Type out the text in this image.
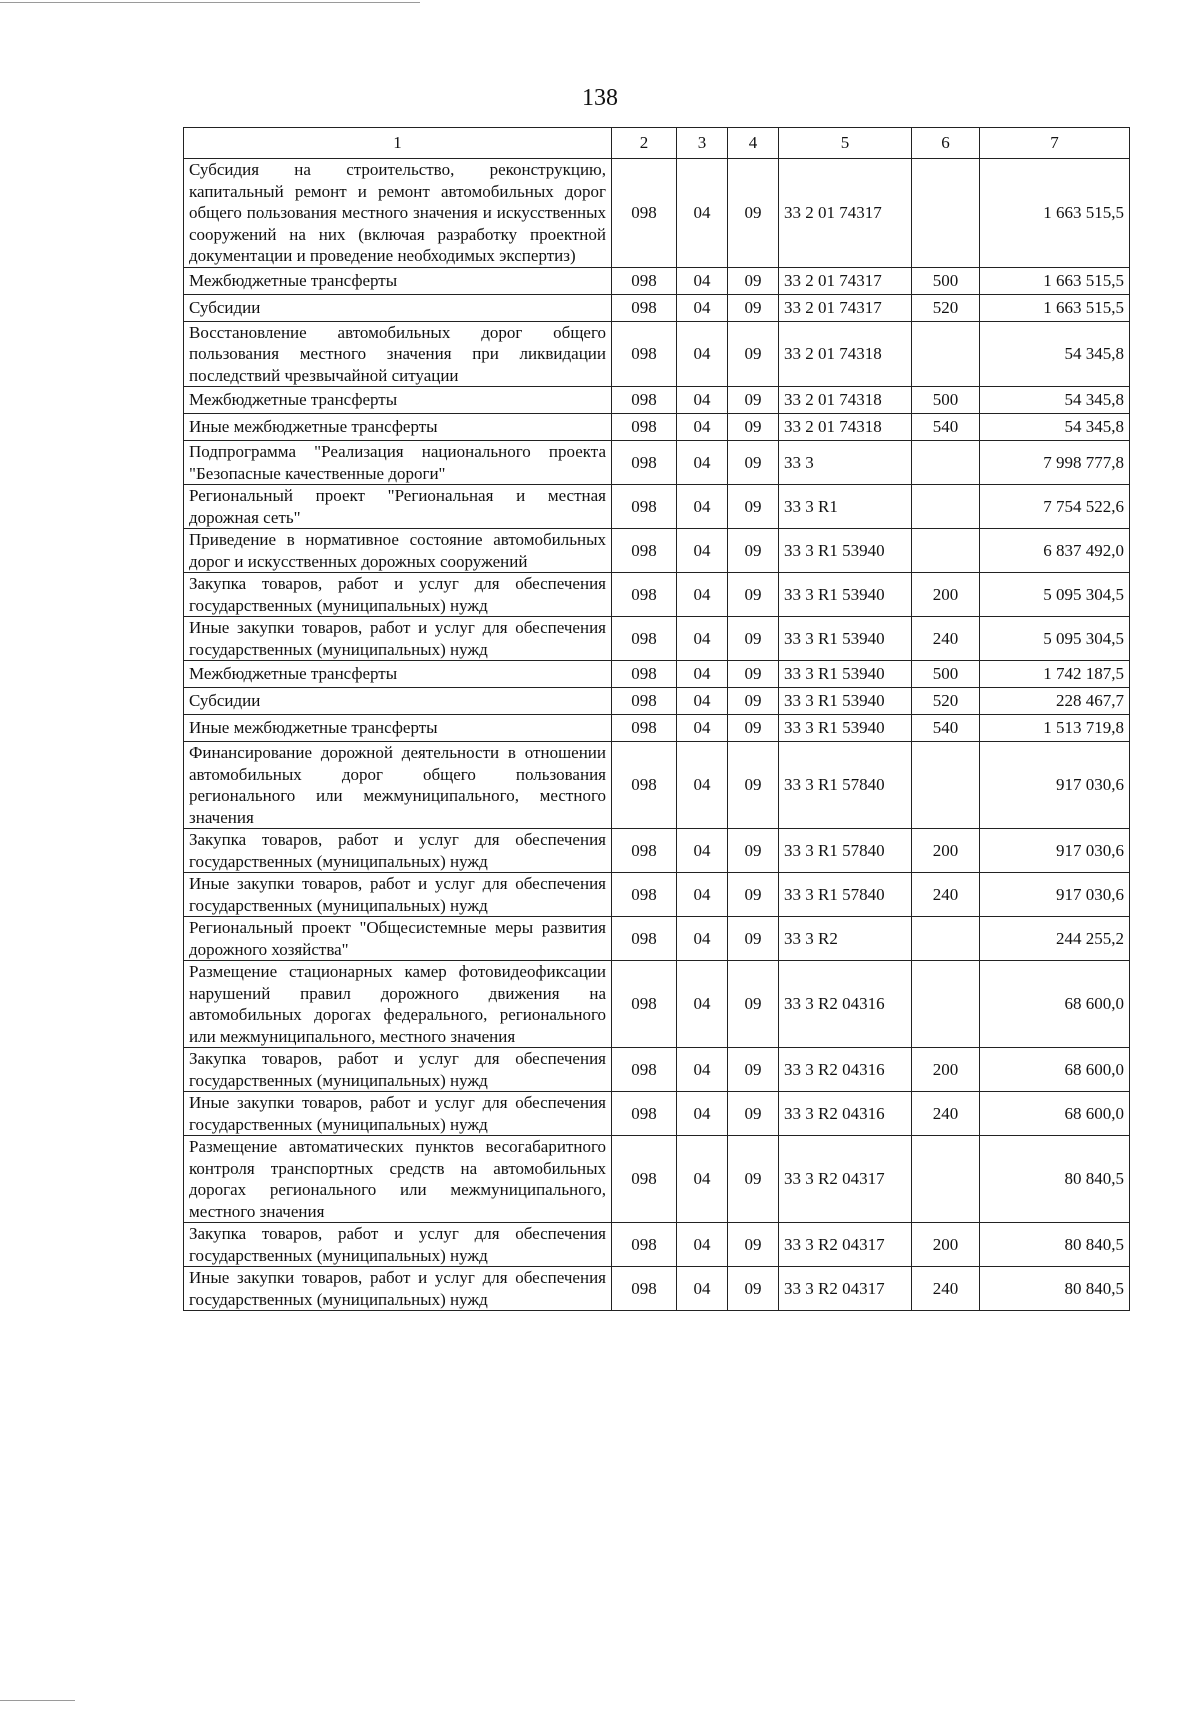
138
1	2	3	4	5	6	7
Субсидия на строительство, реконструкцию, капитальный ремонт и ремонт автомобильных дорог общего пользования местного значения и искусственных сооружений на них (включая разработку проектной документации и проведение необходимых экспертиз)	098	04	09	33 2 01 74317		1 663 515,5
Межбюджетные трансферты	098	04	09	33 2 01 74317	500	1 663 515,5
Субсидии	098	04	09	33 2 01 74317	520	1 663 515,5
Восстановление автомобильных дорог общего пользования местного значения при ликвидации последствий чрезвычайной ситуации	098	04	09	33 2 01 74318		54 345,8
Межбюджетные трансферты	098	04	09	33 2 01 74318	500	54 345,8
Иные межбюджетные трансферты	098	04	09	33 2 01 74318	540	54 345,8
Подпрограмма "Реализация национального проекта "Безопасные качественные дороги"	098	04	09	33 3		7 998 777,8
Региональный проект "Региональная и местная дорожная сеть"	098	04	09	33 3 R1		7 754 522,6
Приведение в нормативное состояние автомобильных дорог и искусственных дорожных сооружений	098	04	09	33 3 R1 53940		6 837 492,0
Закупка товаров, работ и услуг для обеспечения государственных (муниципальных) нужд	098	04	09	33 3 R1 53940	200	5 095 304,5
Иные закупки товаров, работ и услуг для обеспечения государственных (муниципальных) нужд	098	04	09	33 3 R1 53940	240	5 095 304,5
Межбюджетные трансферты	098	04	09	33 3 R1 53940	500	1 742 187,5
Субсидии	098	04	09	33 3 R1 53940	520	228 467,7
Иные межбюджетные трансферты	098	04	09	33 3 R1 53940	540	1 513 719,8
Финансирование дорожной деятельности в отношении автомобильных дорог общего пользования регионального или межмуниципального, местного значения	098	04	09	33 3 R1 57840		917 030,6
Закупка товаров, работ и услуг для обеспечения государственных (муниципальных) нужд	098	04	09	33 3 R1 57840	200	917 030,6
Иные закупки товаров, работ и услуг для обеспечения государственных (муниципальных) нужд	098	04	09	33 3 R1 57840	240	917 030,6
Региональный проект "Общесистемные меры развития дорожного хозяйства"	098	04	09	33 3 R2		244 255,2
Размещение стационарных камер фотовидеофиксации нарушений правил дорожного движения на автомобильных дорогах федерального, регионального или межмуниципального, местного значения	098	04	09	33 3 R2 04316		68 600,0
Закупка товаров, работ и услуг для обеспечения государственных (муниципальных) нужд	098	04	09	33 3 R2 04316	200	68 600,0
Иные закупки товаров, работ и услуг для обеспечения государственных (муниципальных) нужд	098	04	09	33 3 R2 04316	240	68 600,0
Размещение автоматических пунктов весогабаритного контроля транспортных средств на автомобильных дорогах регионального или межмуниципального, местного значения	098	04	09	33 3 R2 04317		80 840,5
Закупка товаров, работ и услуг для обеспечения государственных (муниципальных) нужд	098	04	09	33 3 R2 04317	200	80 840,5
Иные закупки товаров, работ и услуг для обеспечения государственных (муниципальных) нужд	098	04	09	33 3 R2 04317	240	80 840,5
